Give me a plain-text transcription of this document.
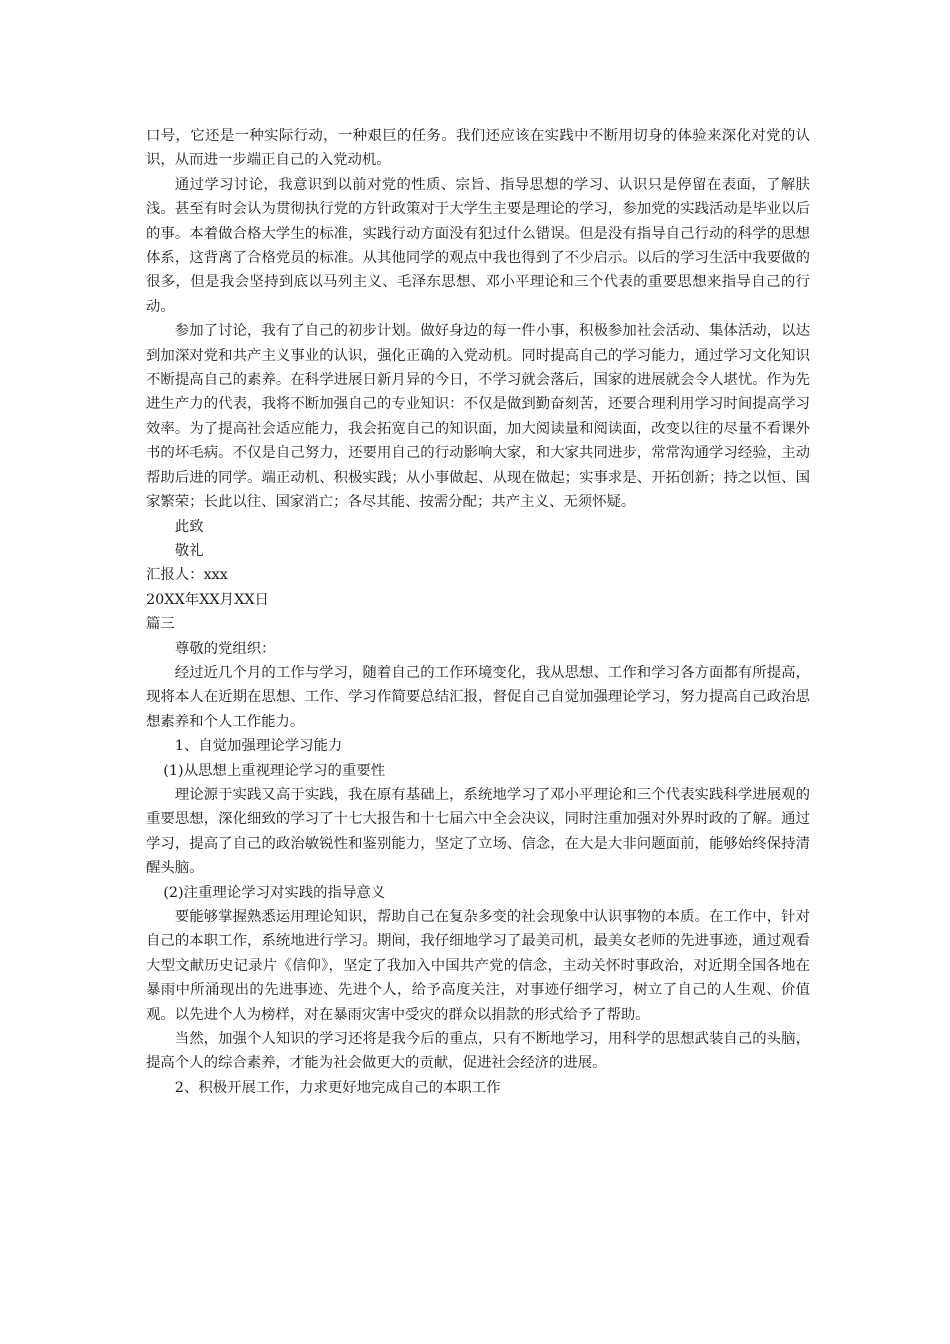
口号，它还是一种实际行动，一种艰巨的任务。我们还应该在实践中不断用切身的体验来深化对党的认识，从而进一步端正自己的入党动机。

通过学习讨论，我意识到以前对党的性质、宗旨、指导思想的学习、认识只是停留在表面，了解肤浅。甚至有时会认为贯彻执行党的方针政策对于大学生主要是理论的学习，参加党的实践活动是毕业以后的事。本着做合格大学生的标准，实践行动方面没有犯过什么错误。但是没有指导自己行动的科学的思想体系，这背离了合格党员的标准。从其他同学的观点中我也得到了不少启示。以后的学习生活中我要做的很多，但是我会坚持到底以马列主义、毛泽东思想、邓小平理论和三个代表的重要思想来指导自己的行动。

参加了讨论，我有了自己的初步计划。做好身边的每一件小事，积极参加社会活动、集体活动，以达到加深对党和共产主义事业的认识，强化正确的入党动机。同时提高自己的学习能力，通过学习文化知识不断提高自己的素养。在科学进展日新月异的今日，不学习就会落后，国家的进展就会令人堪忧。作为先进生产力的代表，我将不断加强自己的专业知识：不仅是做到勤奋刻苦，还要合理利用学习时间提高学习效率。为了提高社会适应能力，我会拓宽自己的知识面，加大阅读量和阅读面，改变以往的尽量不看课外书的坏毛病。不仅是自己努力，还要用自己的行动影响大家，和大家共同进步，常常沟通学习经验，主动帮助后进的同学。端正动机、积极实践；从小事做起、从现在做起；实事求是、开拓创新；持之以恒、国家繁荣；长此以往、国家消亡；各尽其能、按需分配；共产主义、无须怀疑。

此致

敬礼

汇报人：xxx

20XX年XX月XX日

篇三

尊敬的党组织：

经过近几个月的工作与学习，随着自己的工作环境变化，我从思想、工作和学习各方面都有所提高，现将本人在近期在思想、工作、学习作简要总结汇报，督促自己自觉加强理论学习，努力提高自己政治思想素养和个人工作能力。

1、自觉加强理论学习能力

(1)从思想上重视理论学习的重要性

理论源于实践又高于实践，我在原有基础上，系统地学习了邓小平理论和三个代表实践科学进展观的重要思想，深化细致的学习了十七大报告和十七届六中全会决议，同时注重加强对外界时政的了解。通过学习，提高了自己的政治敏锐性和鉴别能力，坚定了立场、信念，在大是大非问题面前，能够始终保持清醒头脑。

(2)注重理论学习对实践的指导意义

要能够掌握熟悉运用理论知识，帮助自己在复杂多变的社会现象中认识事物的本质。在工作中，针对自己的本职工作，系统地进行学习。期间，我仔细地学习了最美司机，最美女老师的先进事迹，通过观看大型文献历史记录片《信仰》，坚定了我加入中国共产党的信念，主动关怀时事政治，对近期全国各地在暴雨中所涌现出的先进事迹、先进个人，给予高度关注，对事迹仔细学习，树立了自己的人生观、价值观。以先进个人为榜样，对在暴雨灾害中受灾的群众以捐款的形式给予了帮助。

当然，加强个人知识的学习还将是我今后的重点，只有不断地学习，用科学的思想武装自己的头脑，提高个人的综合素养，才能为社会做更大的贡献，促进社会经济的进展。

2、积极开展工作，力求更好地完成自己的本职工作
